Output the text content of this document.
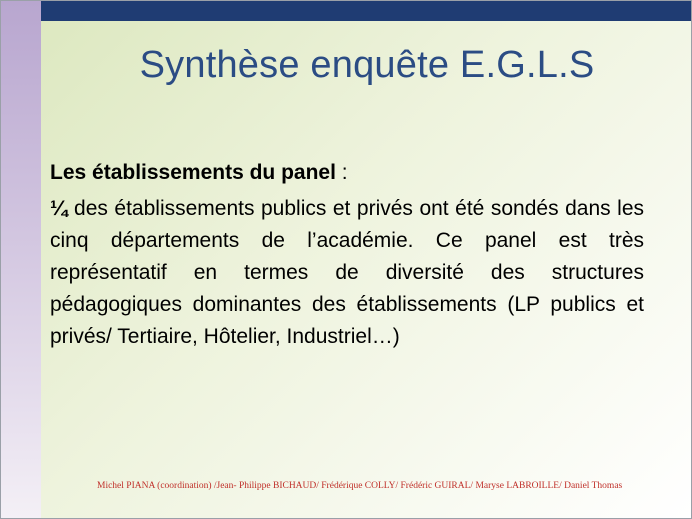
Synthèse enquête E.G.L.S

Les établissements du panel :

¼ des établissements publics et privés ont été sondés dans les cinq départements de l’académie. Ce panel est très représentatif en termes de diversité des structures pédagogiques dominantes des établissements (LP publics et privés/ Tertiaire, Hôtelier, Industriel…)

Michel PIANA (coordination) /Jean- Philippe BICHAUD/ Frédérique COLLY/ Frédéric GUIRAL/ Maryse LABROILLE/ Daniel Thomas
